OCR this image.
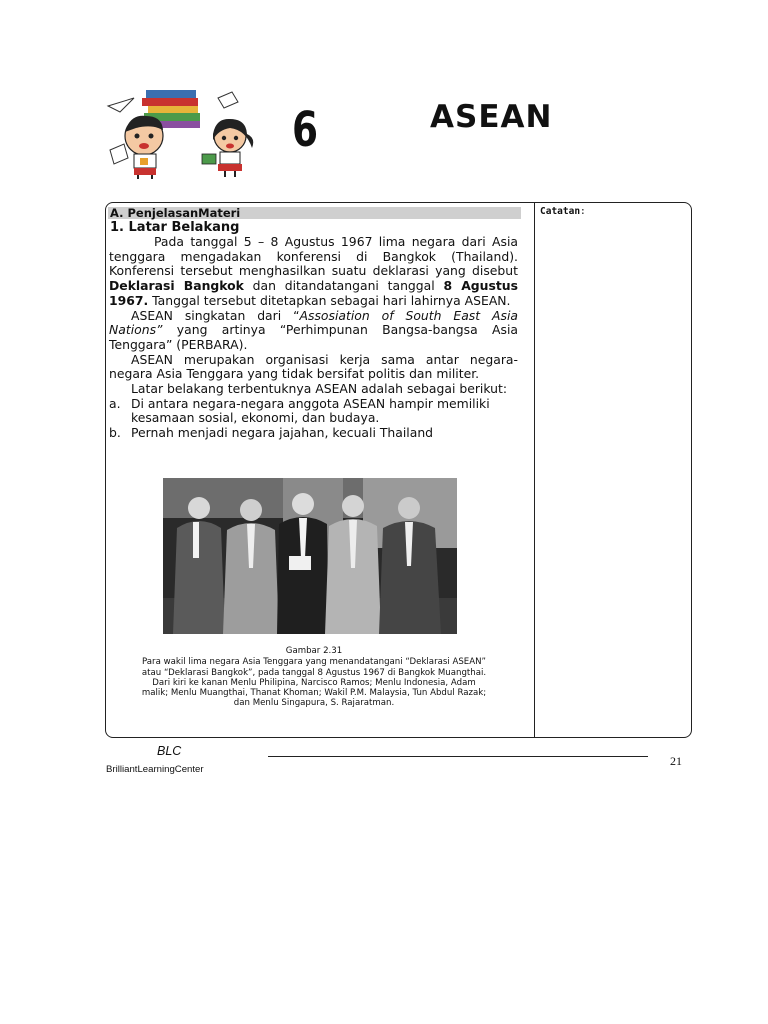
6	ASEAN
Catatan:
A. PenjelasanMateri
1. Latar Belakang

Pada tanggal 5 – 8 Agustus 1967 lima negara dari Asia tenggara mengadakan konferensi di Bangkok (Thailand). Konferensi tersebut menghasilkan suatu deklarasi yang disebut Deklarasi Bangkok dan ditandatangani tanggal 8 Agustus 1967. Tanggal tersebut ditetapkan sebagai hari lahirnya ASEAN.

ASEAN singkatan dari “Assosiation of South East Asia Nations” yang artinya “Perhimpunan Bangsa-bangsa Asia Tenggara” (PERBARA).

ASEAN merupakan organisasi kerja sama antar negara-negara Asia Tenggara yang tidak bersifat politis dan militer.

Latar belakang terbentuknya ASEAN adalah sebagai berikut:

a. Di antara negara-negara anggota ASEAN hampir memiliki kesamaan sosial, ekonomi, dan budaya.
b. Pernah menjadi negara jajahan, kecuali Thailand

Gambar 2.31

Para wakil lima negara Asia Tenggara yang menandatangani “Deklarasi ASEAN”

atau “Deklarasi Bangkok”, pada tanggal 8 Agustus 1967 di Bangkok Muangthai.

Dari kiri ke kanan Menlu Philipina, Narcisco Ramos; Menlu Indonesia, Adam

malik; Menlu Muangthai, Thanat Khoman; Wakil P.M. Malaysia, Tun Abdul Razak;

dan Menlu Singapura, S. Rajaratman.

BLC
BrilliantLearningCenter
21
